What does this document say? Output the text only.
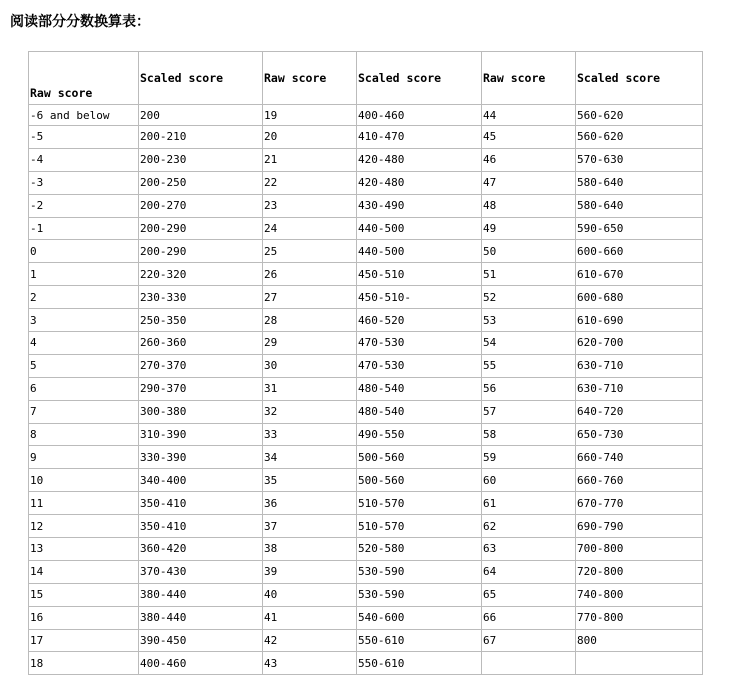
阅读部分分数换算表：
Raw score	Scaled score	Raw score	Scaled score	Raw score	Scaled score
-6 and below	200	19	400-460	44	560-620
-5	200-210	20	410-470	45	560-620
-4	200-230	21	420-480	46	570-630
-3	200-250	22	420-480	47	580-640
-2	200-270	23	430-490	48	580-640
-1	200-290	24	440-500	49	590-650
0	200-290	25	440-500	50	600-660
1	220-320	26	450-510	51	610-670
2	230-330	27	450-510-	52	600-680
3	250-350	28	460-520	53	610-690
4	260-360	29	470-530	54	620-700
5	270-370	30	470-530	55	630-710
6	290-370	31	480-540	56	630-710
7	300-380	32	480-540	57	640-720
8	310-390	33	490-550	58	650-730
9	330-390	34	500-560	59	660-740
10	340-400	35	500-560	60	660-760
11	350-410	36	510-570	61	670-770
12	350-410	37	510-570	62	690-790
13	360-420	38	520-580	63	700-800
14	370-430	39	530-590	64	720-800
15	380-440	40	530-590	65	740-800
16	380-440	41	540-600	66	770-800
17	390-450	42	550-610	67	800
18	400-460	43	550-610		
